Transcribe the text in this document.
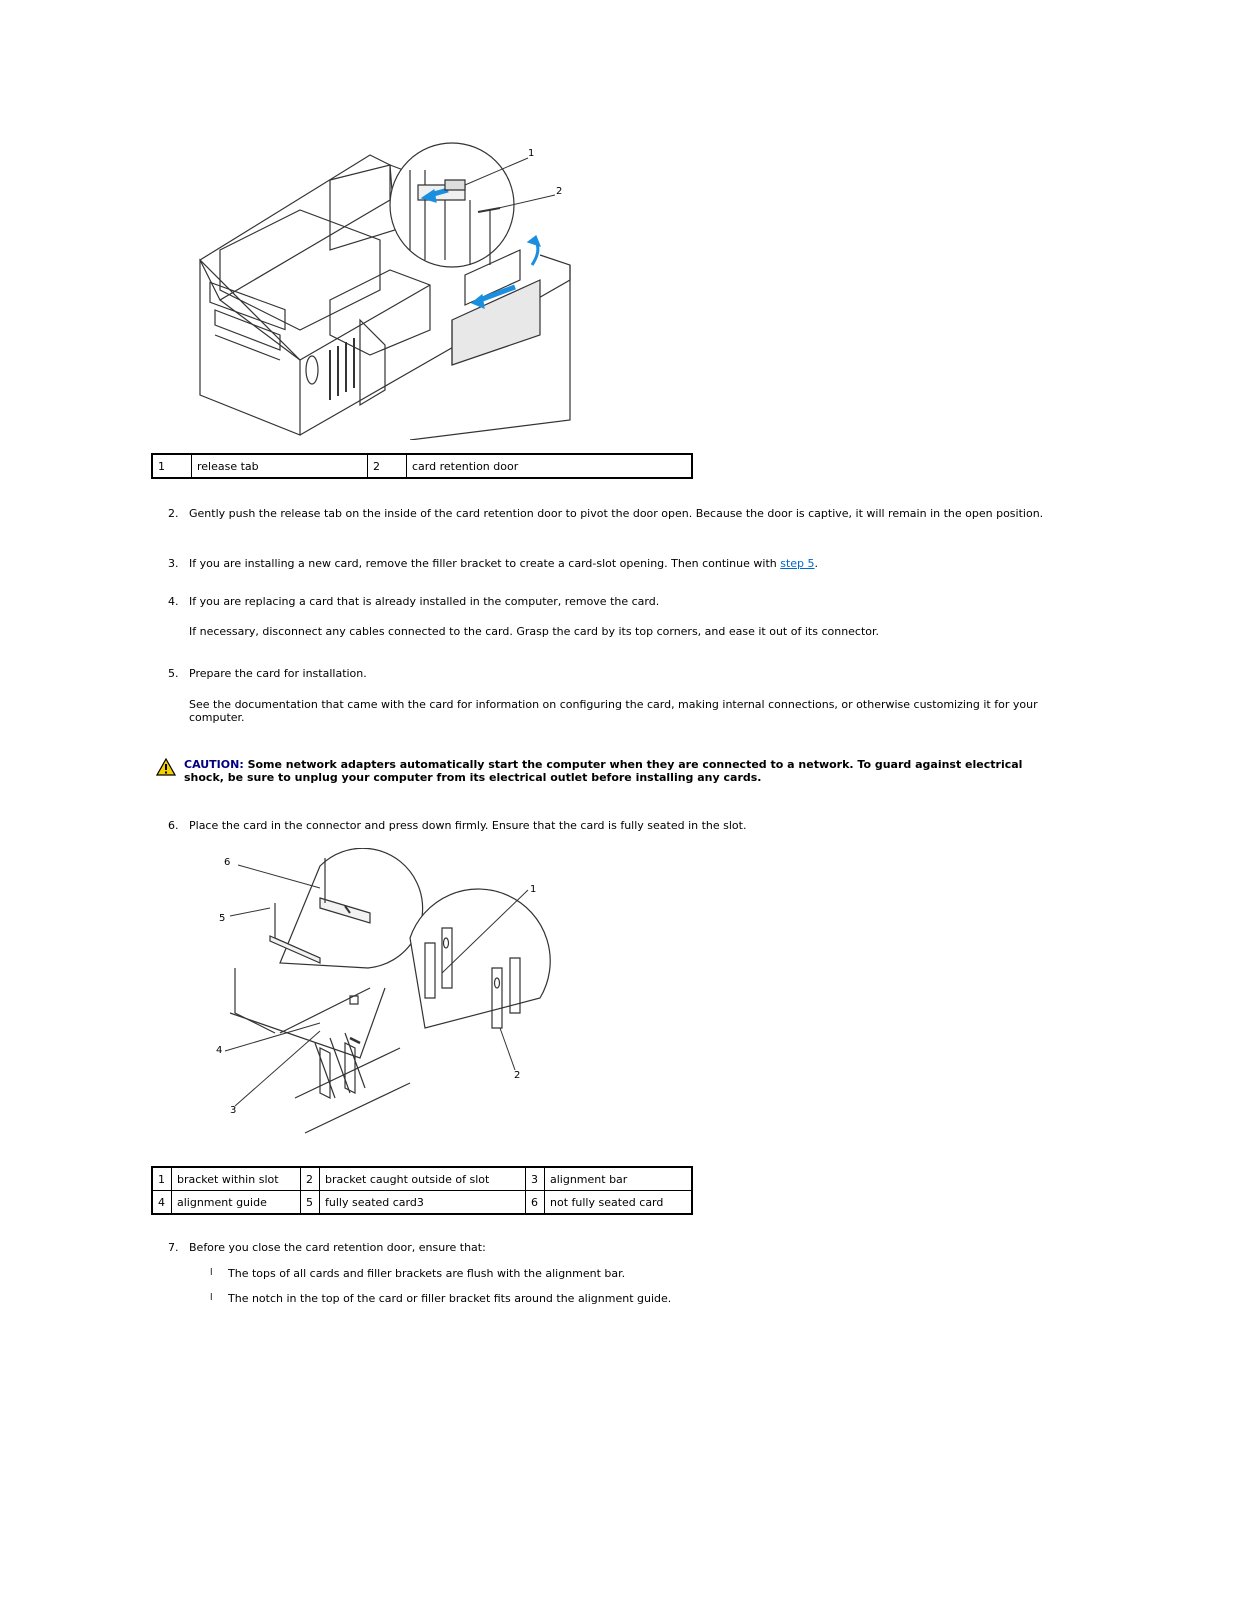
1
2
1	release tab	2	card retention door
2. Gently push the release tab on the inside of the card retention door to pivot the door open. Because the door is captive, it will remain in the open position.
3. If you are installing a new card, remove the filler bracket to create a card-slot opening. Then continue with step 5.
4. If you are replacing a card that is already installed in the computer, remove the card.
If necessary, disconnect any cables connected to the card. Grasp the card by its top corners, and ease it out of its connector.
5. Prepare the card for installation.
See the documentation that came with the card for information on configuring the card, making internal connections, or otherwise customizing it for your computer.
CAUTION: Some network adapters automatically start the computer when they are connected to a network. To guard against electrical shock, be sure to unplug your computer from its electrical outlet before installing any cards.
6. Place the card in the connector and press down firmly. Ensure that the card is fully seated in the slot.
6
5
4
3
1
2
1	bracket within slot	2	bracket caught outside of slot	3	alignment bar
4	alignment guide	5	fully seated card3	6	not fully seated card
7. Before you close the card retention door, ensure that:
l The tops of all cards and filler brackets are flush with the alignment bar.
l The notch in the top of the card or filler bracket fits around the alignment guide.
